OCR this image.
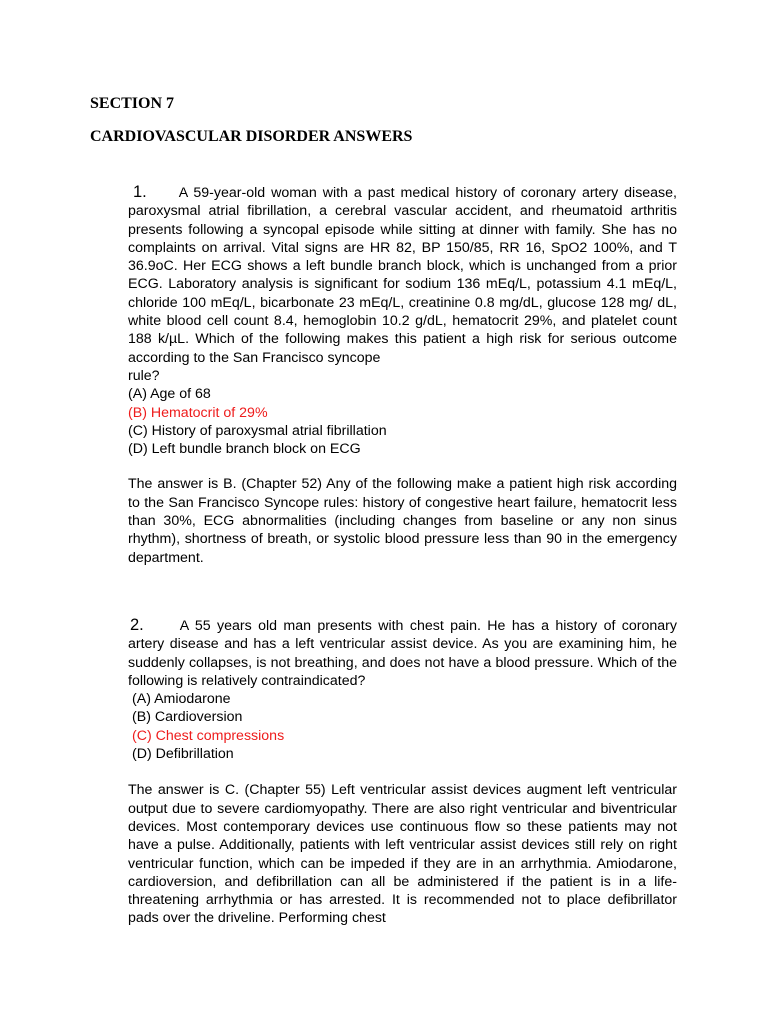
SECTION 7
CARDIOVASCULAR DISORDER ANSWERS

1. A 59-year-old woman with a past medical history of coronary artery disease, paroxysmal atrial fibrillation, a cerebral vascular accident, and rheumatoid arthritis presents following a syncopal episode while sitting at dinner with family. She has no complaints on arrival. Vital signs are HR 82, BP 150/85, RR 16, SpO2 100%, and T 36.9oC. Her ECG shows a left bundle branch block, which is unchanged from a prior ECG. Laboratory analysis is significant for sodium 136 mEq/L, potassium 4.1 mEq/L, chloride 100 mEq/L, bicarbonate 23 mEq/L, creatinine 0.8 mg/dL, glucose 128 mg/ dL, white blood cell count 8.4, hemoglobin 10.2 g/dL, hematocrit 29%, and platelet count 188 k/µL. Which of the following makes this patient a high risk for serious outcome according to the San Francisco syncope

rule?
(A) Age of 68
(B) Hematocrit of 29%
(C) History of paroxysmal atrial fibrillation
(D) Left bundle branch block on ECG

The answer is B. (Chapter 52) Any of the following make a patient high risk according to the San Francisco Syncope rules: history of congestive heart failure, hematocrit less than 30%, ECG abnormalities (including changes from baseline or any non sinus rhythm), shortness of breath, or systolic blood pressure less than 90 in the emergency department.

2.	A 55 years old man presents with chest pain. He has a history of coronary artery disease and has a left ventricular assist device. As you are examining him, he suddenly collapses, is not breathing, and does not have a blood pressure. Which of the following is relatively contraindicated?

(A) Amiodarone
(B) Cardioversion
(C) Chest compressions
(D) Defibrillation

The answer is C. (Chapter 55) Left ventricular assist devices augment left ventricular output due to severe cardiomyopathy. There are also right ventricular and biventricular devices. Most contemporary devices use continuous flow so these patients may not have a pulse. Additionally, patients with left ventricular assist devices still rely on right ventricular function, which can be impeded if they are in an arrhythmia. Amiodarone, cardioversion, and defibrillation can all be administered if the patient is in a life-threatening arrhythmia or has arrested. It is recommended not to place defibrillator pads over the driveline. Performing chest
